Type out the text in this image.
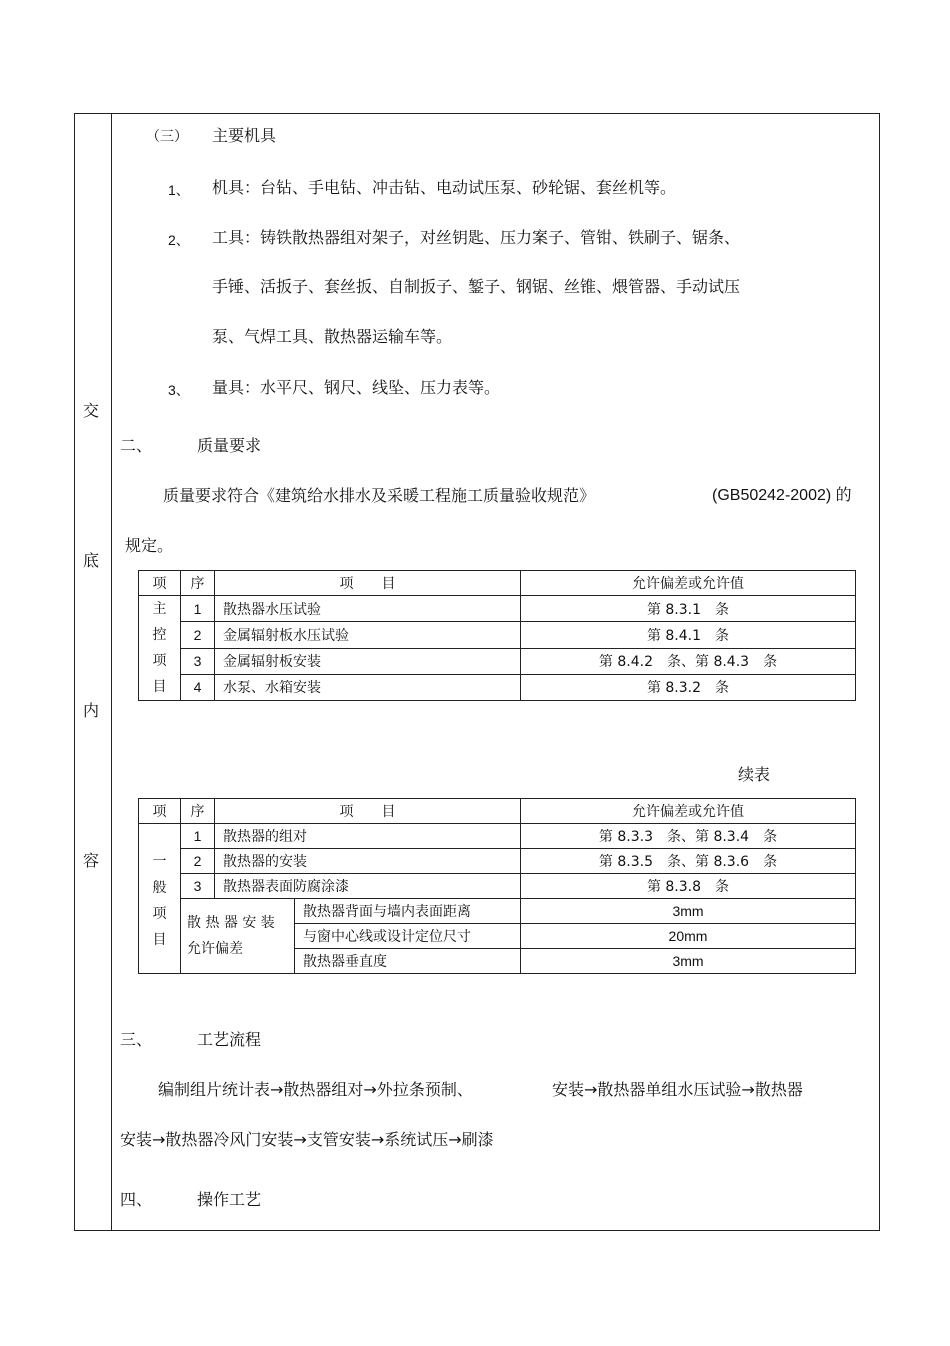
交
底
内
容
（三） 主要机具
1、 机具：台钻、手电钻、冲击钻、电动试压泵、砂轮锯、套丝机等。
2、 工具：铸铁散热器组对架子，对丝钥匙、压力案子、管钳、铁刷子、锯条、
手锤、活扳子、套丝扳、自制扳子、錾子、钢锯、丝锥、煨管器、手动试压
泵、气焊工具、散热器运输车等。
3、 量具：水平尺、钢尺、线坠、压力表等。
二、	质量要求
质量要求符合《建筑给水排水及采暖工程施工质量验收规范》	(GB50242-2002) 的
规定。
项	序	项　　目	允许偏差或允许值

主
控
项
目	1	散热器水压试验	第 8.3.1　条
	2	金属辐射板水压试验	第 8.4.1　条
	3	金属辐射板安装	第 8.4.2　条、第 8.4.3　条
	4	水泵、水箱安装	第 8.3.2　条
续表
项	序	项　　目		允许偏差或允许值

一
般
项
目	1	散热器的组对		第 8.3.3　条、第 8.3.4　条
	2	散热器的安装		第 8.3.5　条、第 8.3.6　条
	3	散热器表面防腐涂漆		第 8.3.8　条

	散 热 器 安 装
允许偏差		散热器背面与墙内表面距离	3mm
			与窗中心线或设计定位尺寸	20mm
			散热器垂直度	3mm
三、	工艺流程
编制组片统计表→散热器组对→外拉条预制、	安装→散热器单组水压试验→散热器
安装→散热器冷风门安装→支管安装→系统试压→刷漆
四、	操作工艺
